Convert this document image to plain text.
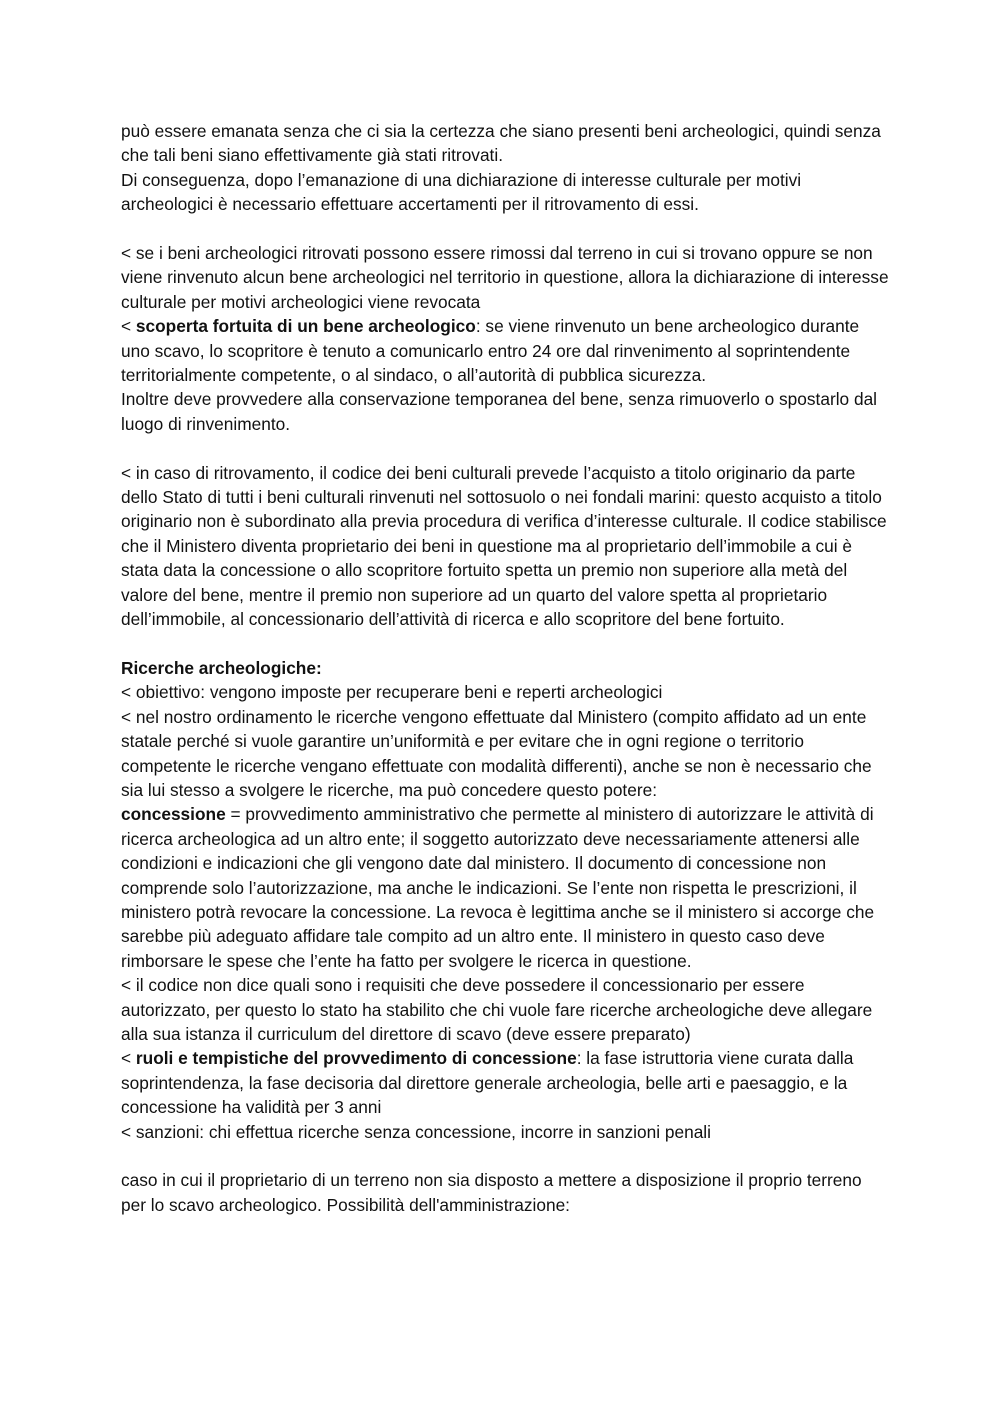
può essere emanata senza che ci sia la certezza che siano presenti beni archeologici, quindi senza che tali beni siano effettivamente già stati ritrovati.

Di conseguenza, dopo l’emanazione di una dichiarazione di interesse culturale per motivi archeologici è necessario effettuare accertamenti per il ritrovamento di essi.

< se i beni archeologici ritrovati possono essere rimossi dal terreno in cui si trovano oppure se non viene rinvenuto alcun bene archeologici nel territorio in questione, allora la dichiarazione di interesse culturale per motivi archeologici viene revocata

< scoperta fortuita di un bene archeologico: se viene rinvenuto un bene archeologico durante uno scavo, lo scopritore è tenuto a comunicarlo entro 24 ore dal rinvenimento al soprintendente territorialmente competente, o al sindaco, o all’autorità di pubblica sicurezza.

Inoltre deve provvedere alla conservazione temporanea del bene, senza rimuoverlo o spostarlo dal luogo di rinvenimento.

< in caso di ritrovamento, il codice dei beni culturali prevede l’acquisto a titolo originario da parte dello Stato di tutti i beni culturali rinvenuti nel sottosuolo o nei fondali marini: questo acquisto a titolo originario non è subordinato alla previa procedura di verifica d’interesse culturale. Il codice stabilisce che il Ministero diventa proprietario dei beni in questione ma al proprietario dell’immobile a cui è stata data la concessione o allo scopritore fortuito spetta un premio non superiore alla metà del valore del bene, mentre il premio non superiore ad un quarto del valore spetta al proprietario dell’immobile, al concessionario dell’attività di ricerca e allo scopritore del bene fortuito.

Ricerche archeologiche:

< obiettivo: vengono imposte per recuperare beni e reperti archeologici

< nel nostro ordinamento le ricerche vengono effettuate dal Ministero (compito affidato ad un ente statale perché si vuole garantire un’uniformità e per evitare che in ogni regione o territorio competente le ricerche vengano effettuate con modalità differenti), anche se non è necessario che sia lui stesso a svolgere le ricerche, ma può concedere questo potere:

concessione = provvedimento amministrativo che permette al ministero di autorizzare le attività di ricerca archeologica ad un altro ente; il soggetto autorizzato deve necessariamente attenersi alle condizioni e indicazioni che gli vengono date dal ministero. Il documento di concessione non comprende solo l’autorizzazione, ma anche le indicazioni. Se l’ente non rispetta le prescrizioni, il ministero potrà revocare la concessione. La revoca è legittima anche se il ministero si accorge che sarebbe più adeguato affidare tale compito ad un altro ente. Il ministero in questo caso deve rimborsare le spese che l’ente ha fatto per svolgere le ricerca in questione.

< il codice non dice quali sono i requisiti che deve possedere il concessionario per essere autorizzato, per questo lo stato ha stabilito che chi vuole fare ricerche archeologiche deve allegare alla sua istanza il curriculum del direttore di scavo (deve essere preparato)

< ruoli e tempistiche del provvedimento di concessione: la fase istruttoria viene curata dalla soprintendenza, la fase decisoria dal direttore generale archeologia, belle arti e paesaggio, e la concessione ha validità per 3 anni

< sanzioni: chi effettua ricerche senza concessione, incorre in sanzioni penali

caso in cui il proprietario di un terreno non sia disposto a mettere a disposizione il proprio terreno per lo scavo archeologico. Possibilità dell'amministrazione:
